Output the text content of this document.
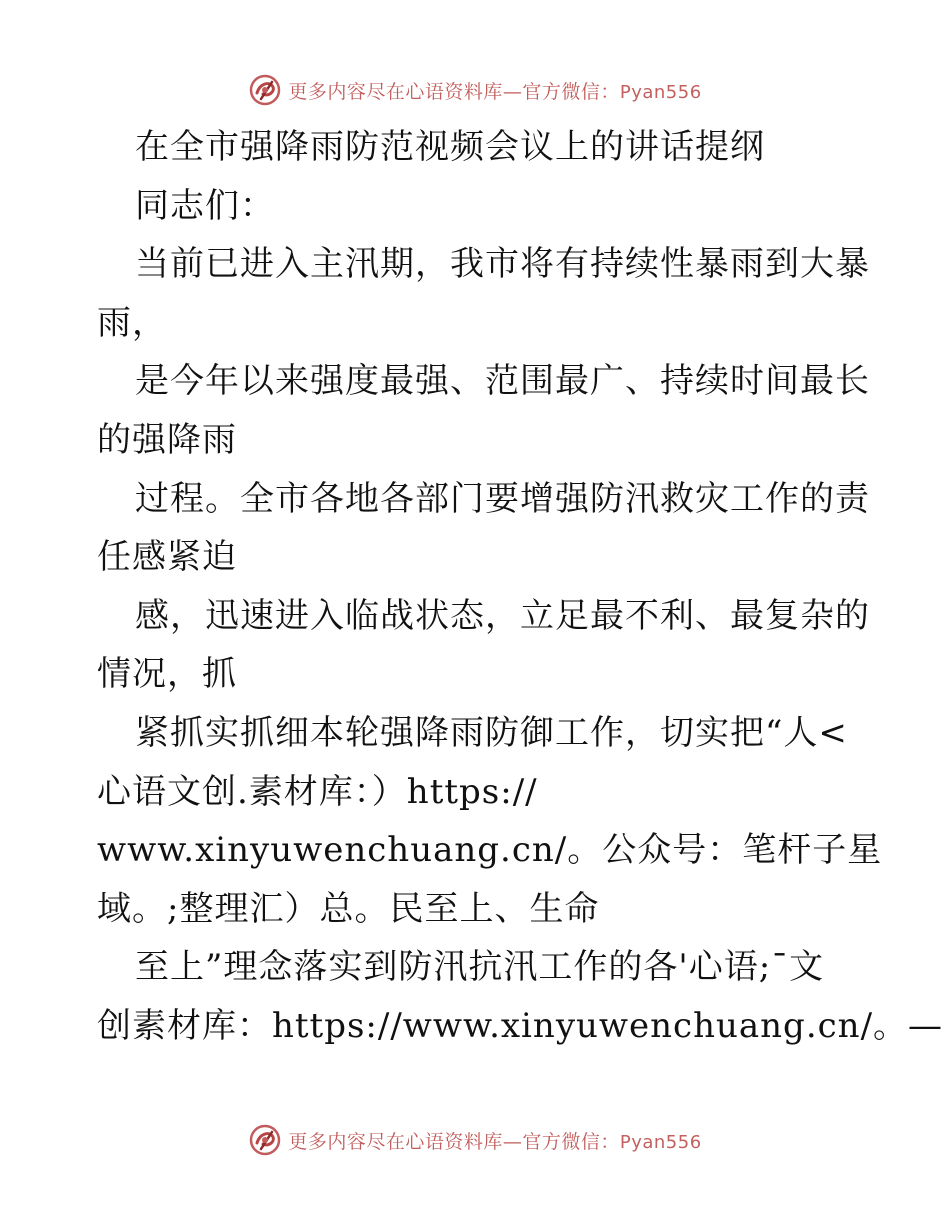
更多内容尽在心语资料库—官方微信：Pyan556
在全市强降雨防范视频会议上的讲话提纲
同志们：
当前已进入主汛期，我市将有持续性暴雨到大暴
雨，
是今年以来强度最强、范围最广、持续时间最长
的强降雨
过程。全市各地各部门要增强防汛救灾工作的责
任感紧迫
感，迅速进入临战状态，立足最不利、最复杂的
情况，抓
紧抓实抓细本轮强降雨防御工作，切实把“人<
心语文创.素材库：）https://
www.xinyuwenchuang.cn/。公众号：笔杆子星
域。;整理汇）总。民至上、生命
至上”理念落实到防汛抗汛工作的各'心语;¯文
创素材库：https://www.xinyuwenchuang.cn/。—
更多内容尽在心语资料库—官方微信：Pyan556
